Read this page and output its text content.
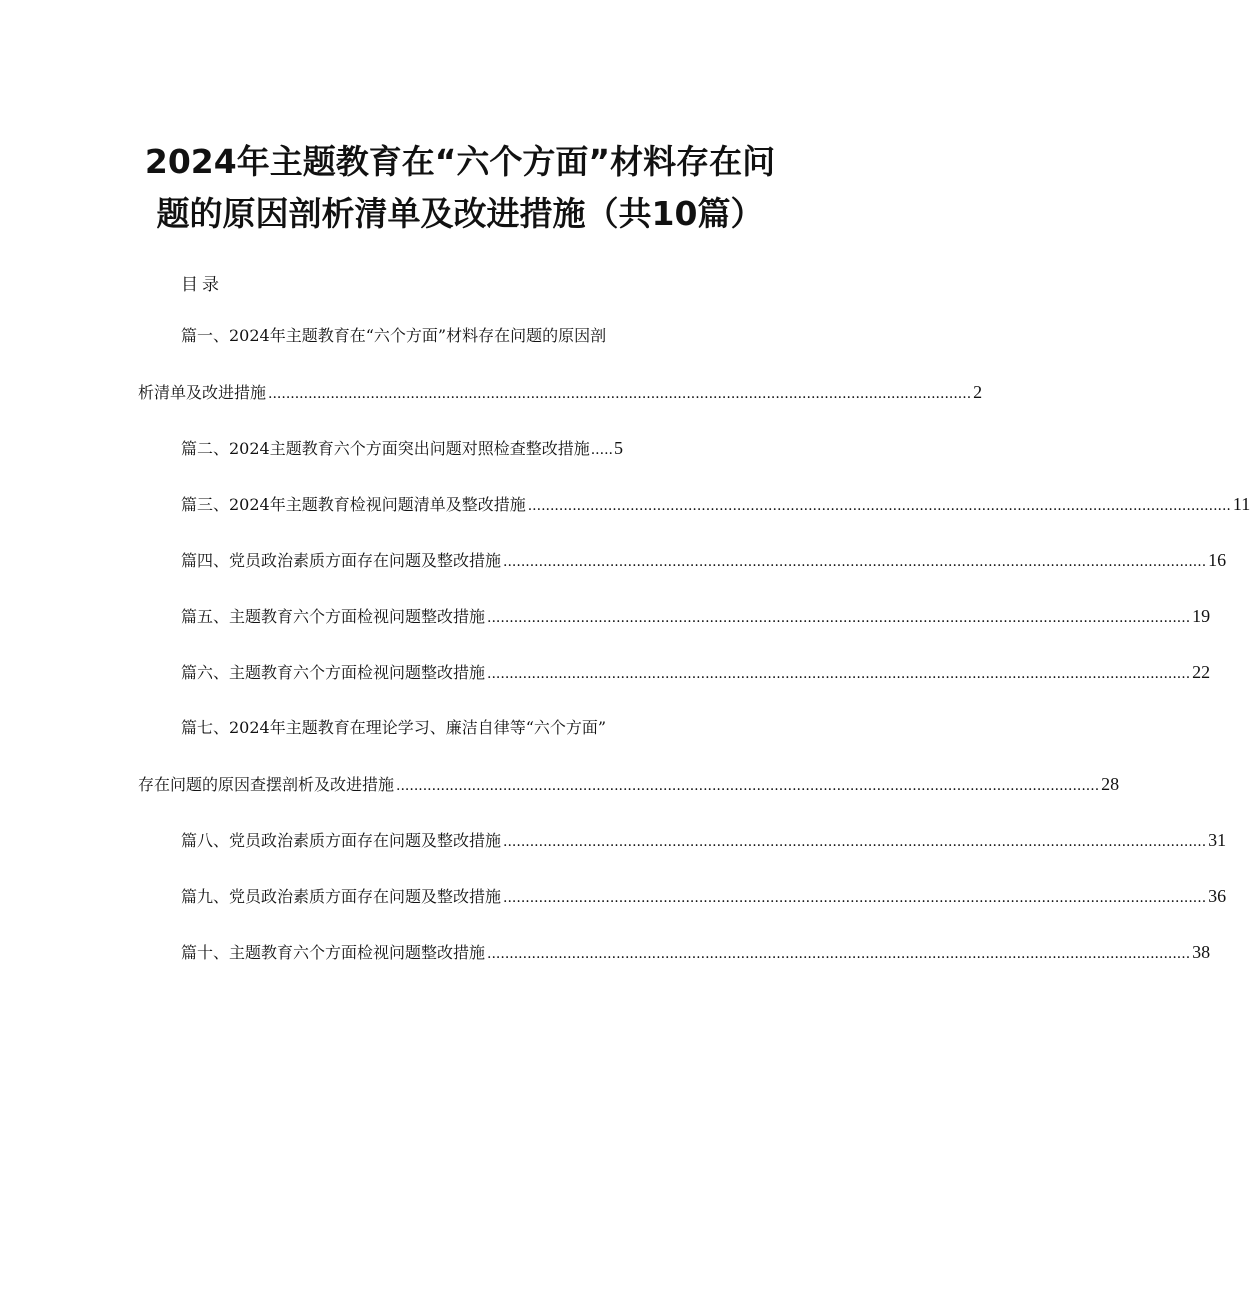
2024年主题教育在“六个方面”材料存在问
题的原因剖析清单及改进措施（共10篇）
目录
篇一、2024年主题教育在“六个方面”材料存在问题的原因剖
析清单及改进措施 .............................................................................................................................................................. 2
篇二、2024主题教育六个方面突出问题对照检查整改措施 ..... 5
篇三、2024年主题教育检视问题清单及整改措施 .............................................................................................................................................................. 11
篇四、党员政治素质方面存在问题及整改措施 .............................................................................................................................................................. 16
篇五、主题教育六个方面检视问题整改措施 .............................................................................................................................................................. 19
篇六、主题教育六个方面检视问题整改措施 .............................................................................................................................................................. 22
篇七、2024年主题教育在理论学习、廉洁自律等“六个方面”
存在问题的原因查摆剖析及改进措施 .............................................................................................................................................................. 28
篇八、党员政治素质方面存在问题及整改措施 .............................................................................................................................................................. 31
篇九、党员政治素质方面存在问题及整改措施 .............................................................................................................................................................. 36
篇十、主题教育六个方面检视问题整改措施 .............................................................................................................................................................. 38
